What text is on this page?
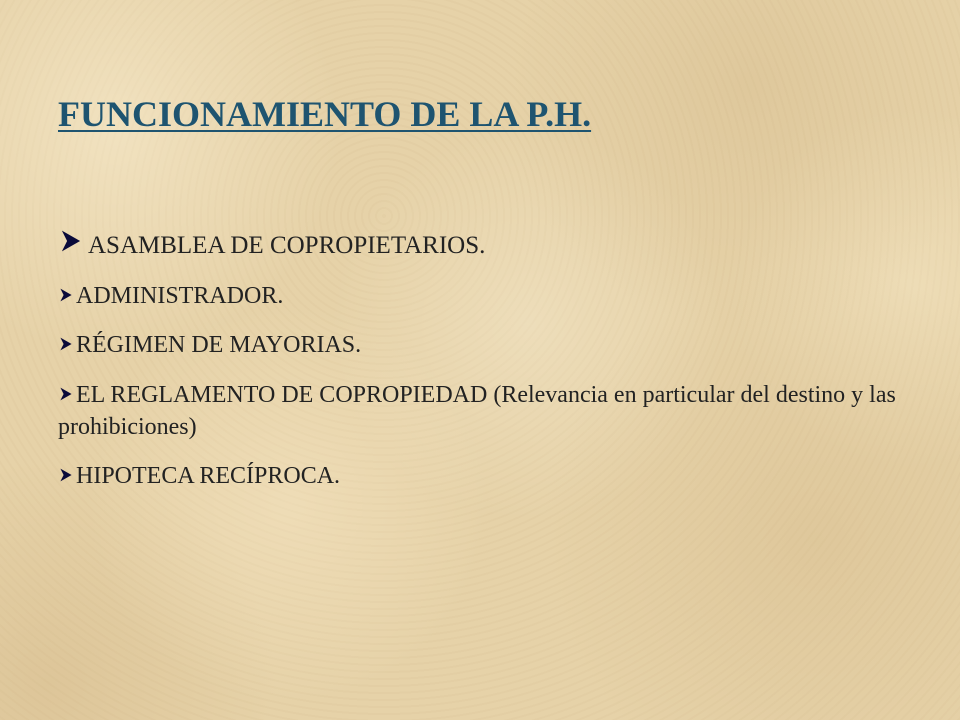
FUNCIONAMIENTO DE LA P.H.
ASAMBLEA DE COPROPIETARIOS.
ADMINISTRADOR.
RÉGIMEN DE MAYORIAS.
EL REGLAMENTO DE COPROPIEDAD (Relevancia en particular del destino y las prohibiciones)
HIPOTECA RECÍPROCA.
